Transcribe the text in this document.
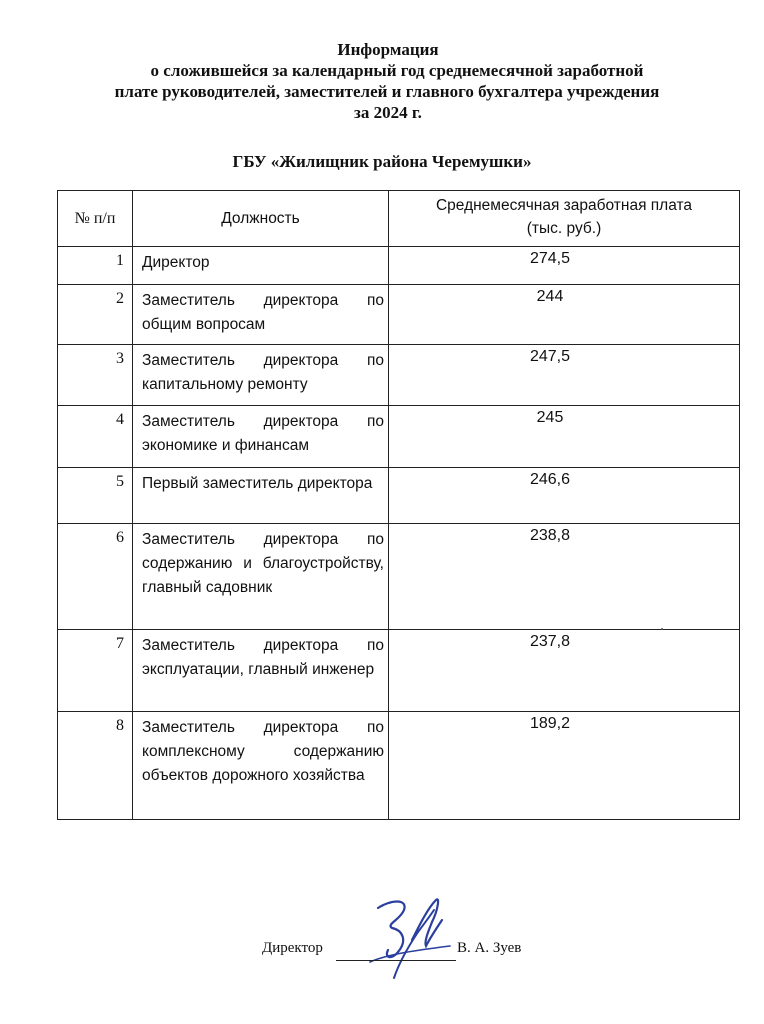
Информация
о сложившейся за календарный год среднемесячной заработной
плате руководителей, заместителей и главного бухгалтера учреждения
за 2024 г.
ГБУ «Жилищник района Черемушки»
№ п/п	Должность	Среднемесячная заработная плата
(тыс. руб.)

1	Директор	274,5
2	Заместитель директора по общим вопросам	244
3	Заместитель директора по капитальному ремонту	247,5
4	Заместитель директора по экономике и финансам	245
5	Первый заместитель директора	246,6
6	Заместитель директора по содержанию и благоустройству, главный садовник	238,8
7	Заместитель директора по эксплуатации, главный инженер	237,8
8	Заместитель директора по комплексному содержанию объектов дорожного хозяйства	189,2
Директор	В. А. Зуев
